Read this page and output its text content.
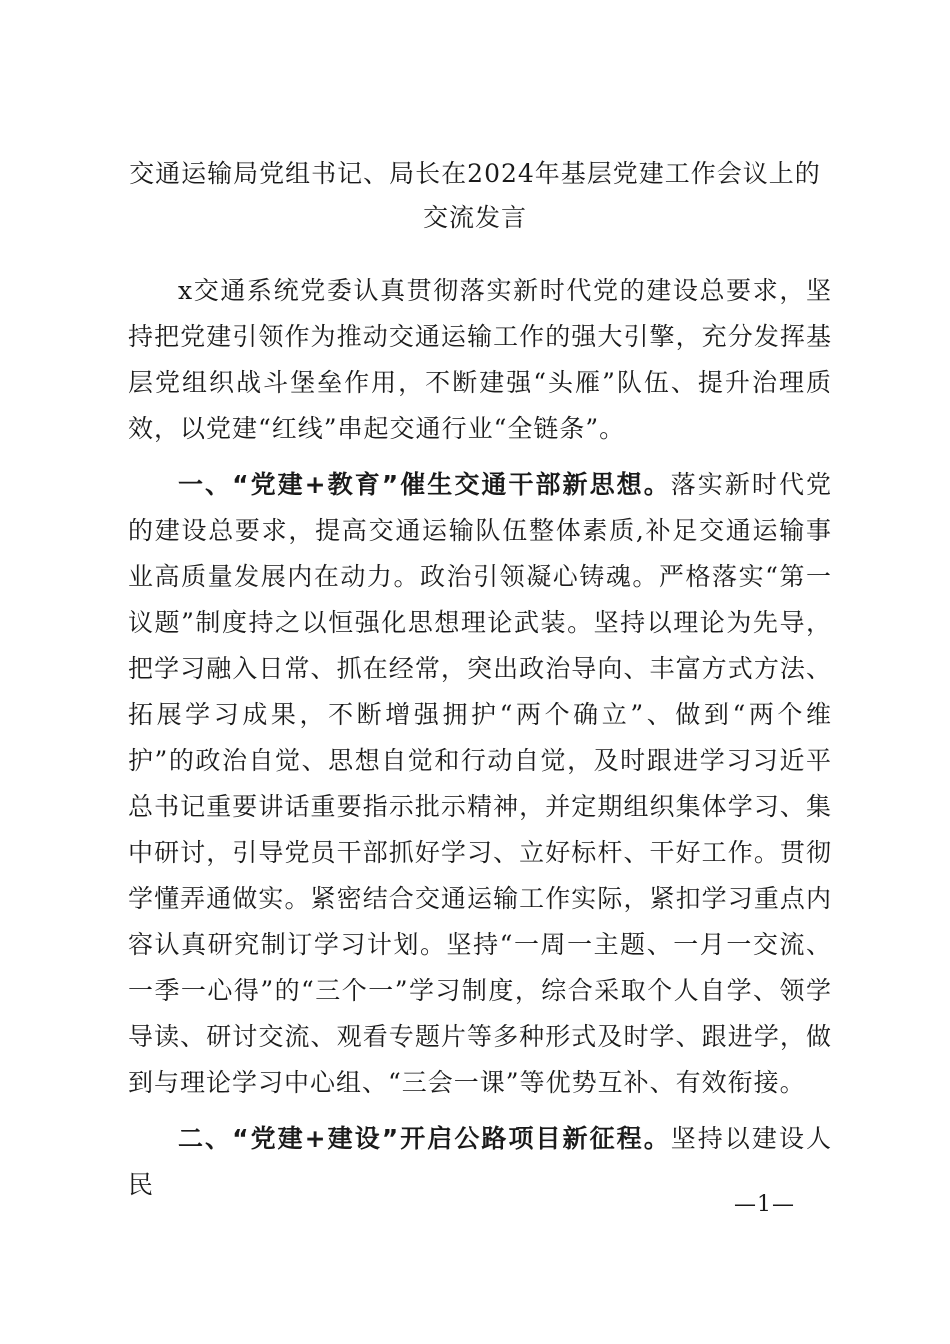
交通运输局党组书记、局长在2024年基层党建工作会议上的交流发言

x交通系统党委认真贯彻落实新时代党的建设总要求，坚持把党建引领作为推动交通运输工作的强大引擎，充分发挥基层党组织战斗堡垒作用，不断建强“头雁”队伍、提升治理质效，以党建“红线”串起交通行业“全链条”。

一、“党建+教育”催生交通干部新思想。落实新时代党的建设总要求，提高交通运输队伍整体素质,补足交通运输事业高质量发展内在动力。政治引领凝心铸魂。严格落实“第一议题”制度持之以恒强化思想理论武装。坚持以理论为先导，把学习融入日常、抓在经常，突出政治导向、丰富方式方法、拓展学习成果，不断增强拥护“两个确立”、做到“两个维护”的政治自觉、思想自觉和行动自觉，及时跟进学习习近平总书记重要讲话重要指示批示精神，并定期组织集体学习、集中研讨，引导党员干部抓好学习、立好标杆、干好工作。贯彻学懂弄通做实。紧密结合交通运输工作实际，紧扣学习重点内容认真研究制订学习计划。坚持“一周一主题、一月一交流、一季一心得”的“三个一”学习制度，综合采取个人自学、领学导读、研讨交流、观看专题片等多种形式及时学、跟进学，做到与理论学习中心组、“三会一课”等优势互补、有效衔接。

二、“党建+建设”开启公路项目新征程。坚持以建设人民

—1—
